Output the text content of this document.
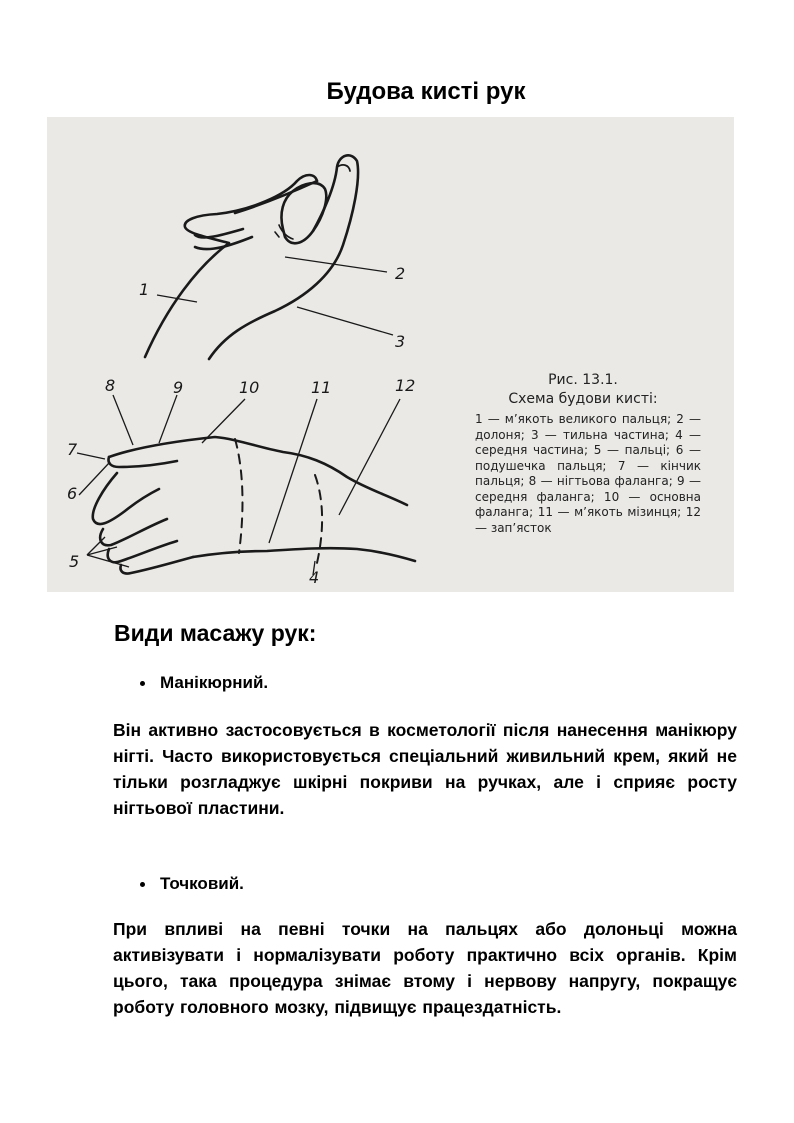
Будова кисті рук
1
2
3
4
5
6
7
8	9	10	11	12	Рис. 13.1.
Схема будови кисті:
1 — м’якоть великого пальця; 2 — долоня; 3 — тильна частина; 4 — середня частина; 5 — пальці; 6 — подушечка пальця; 7 — кінчик пальця; 8 — нігтьова фаланга; 9 — середня фаланга; 10 — основна фаланга; 11 — м’якоть мізинця; 12 — зап’ясток
Види масажу рук:
Манікюрний.

Він активно застосовується в косметології після нанесення манікюру нігті. Часто використовується спеціальний живильний крем, який не тільки розгладжує шкірні покриви на ручках, але і сприяє росту нігтьової пластини.

Точковий.

При впливі на певні точки на пальцях або долоньці можна активізувати і нормалізувати роботу практично всіх органів. Крім цього, така процедура знімає втому і нервову напругу, покращує роботу головного мозку, підвищує працездатність.
